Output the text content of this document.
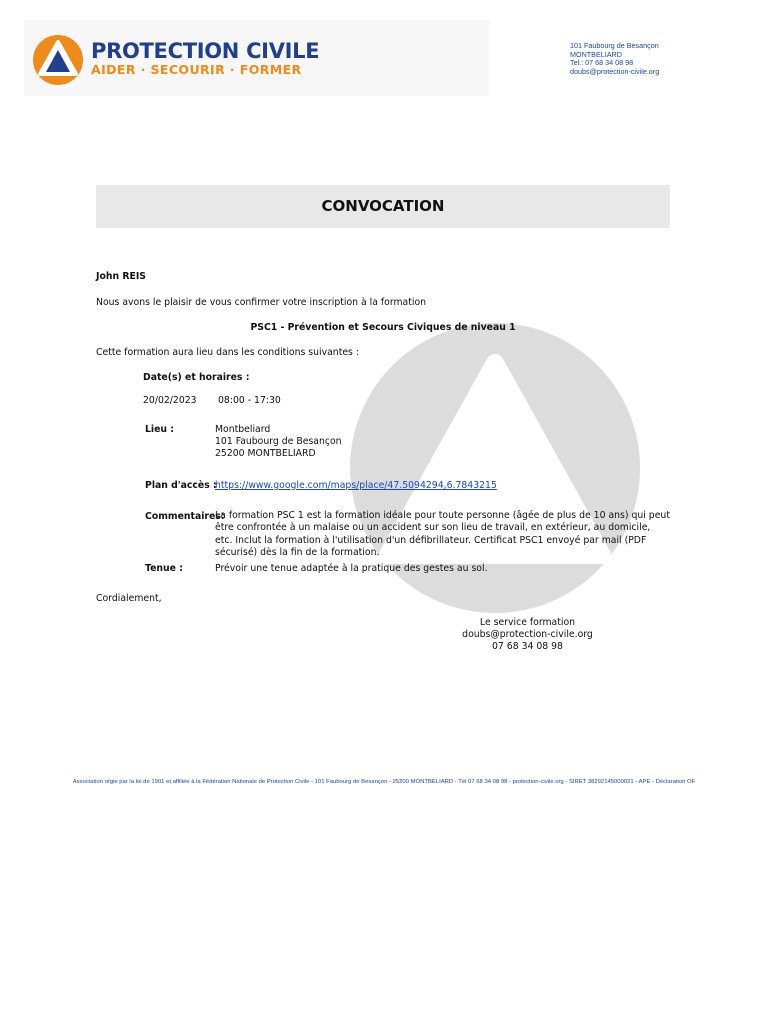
PROTECTION CIVILE
AIDER · SECOURIR · FORMER
101 Faubourg de Besançon
MONTBELIARD
Tel.: 07 68 34 08 98
doubs@protection-civile.org
CONVOCATION
John REIS
Nous avons le plaisir de vous confirmer votre inscription à la formation
PSC1 - Prévention et Secours Civiques de niveau 1
Cette formation aura lieu dans les conditions suivantes :
Date(s) et horaires :
20/02/2023 08:00 - 17:30
Lieu :	Montbeliard
101 Faubourg de Besançon
25200 MONTBELIARD
Plan d'accès :
https://www.google.com/maps/place/47.5094294,6.7843215
Commentaires:
La formation PSC 1 est la formation idéale pour toute personne (âgée de plus de 10 ans) qui peut être confrontée à un malaise ou un accident sur son lieu de travail, en extérieur, au domicile, etc. Inclut la formation à l'utilisation d'un défibrillateur. Certificat PSC1 envoyé par mail (PDF sécurisé) dès la fin de la formation.
Tenue :	Prévoir une tenue adaptée à la pratique des gestes au sol.
Cordialement,
Le service formation
doubs@protection-civile.org
07 68 34 08 98
Association régie par la loi de 1901 et affiliée à la Fédération Nationale de Protection Civile - 101 Faubourg de Besançon - 25200 MONTBELIARD - Tél 07 68 34 08 98 - protection-civile.org - SIRET 38292145000021 - APE - Déclaration OF
